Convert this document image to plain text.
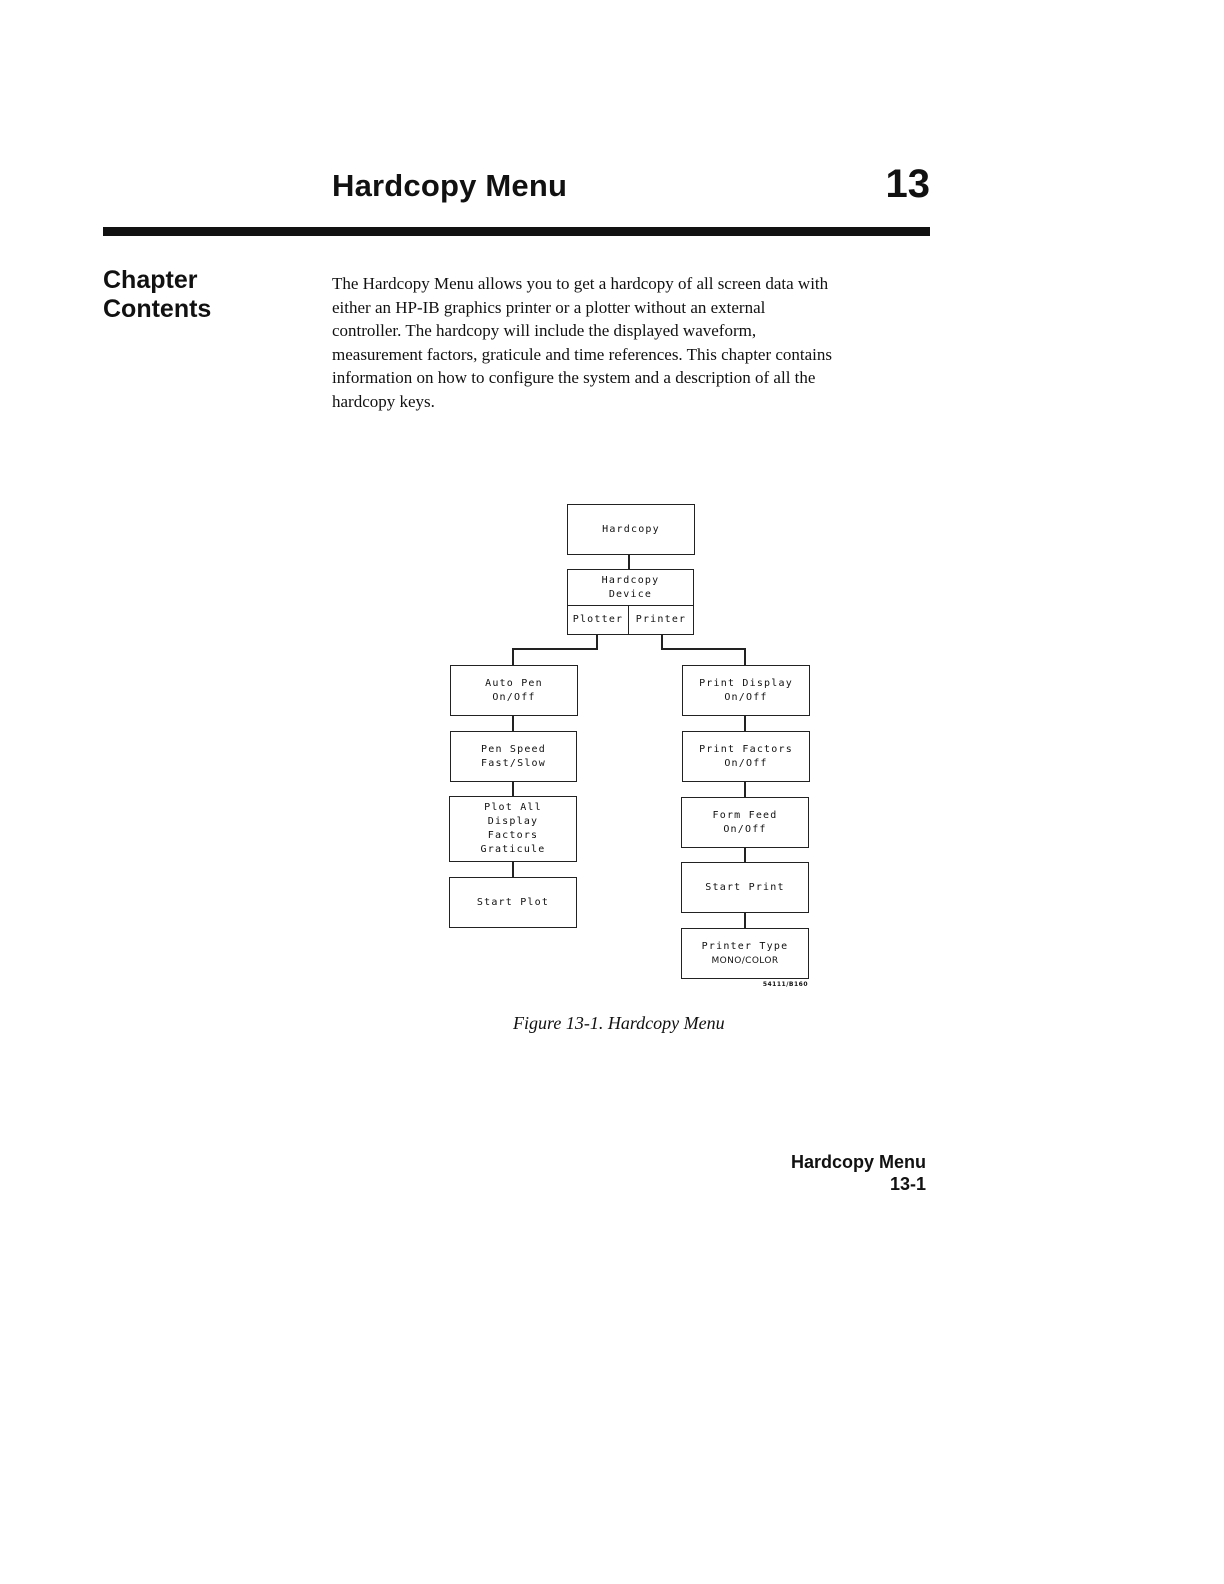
Hardcopy Menu	13
Chapter
Contents
The Hardcopy Menu allows you to get a hardcopy of all screen data with
either an HP-IB graphics printer or a plotter without an external
controller. The hardcopy will include the displayed waveform,
measurement factors, graticule and time references. This chapter contains
information on how to configure the system and a description of all the
hardcopy keys.
Hardcopy
Hardcopy
Device
Plotter Printer
Auto Pen
On/Off
Pen Speed
Fast/Slow
Plot All
Display
Factors
Graticule
Start Plot
Print Display
On/Off
Print Factors
On/Off
Form Feed
On/Off
Start Print
Printer Type
MONO/COLOR
54111/B160
Figure 13-1. Hardcopy Menu
Hardcopy Menu
13-1
